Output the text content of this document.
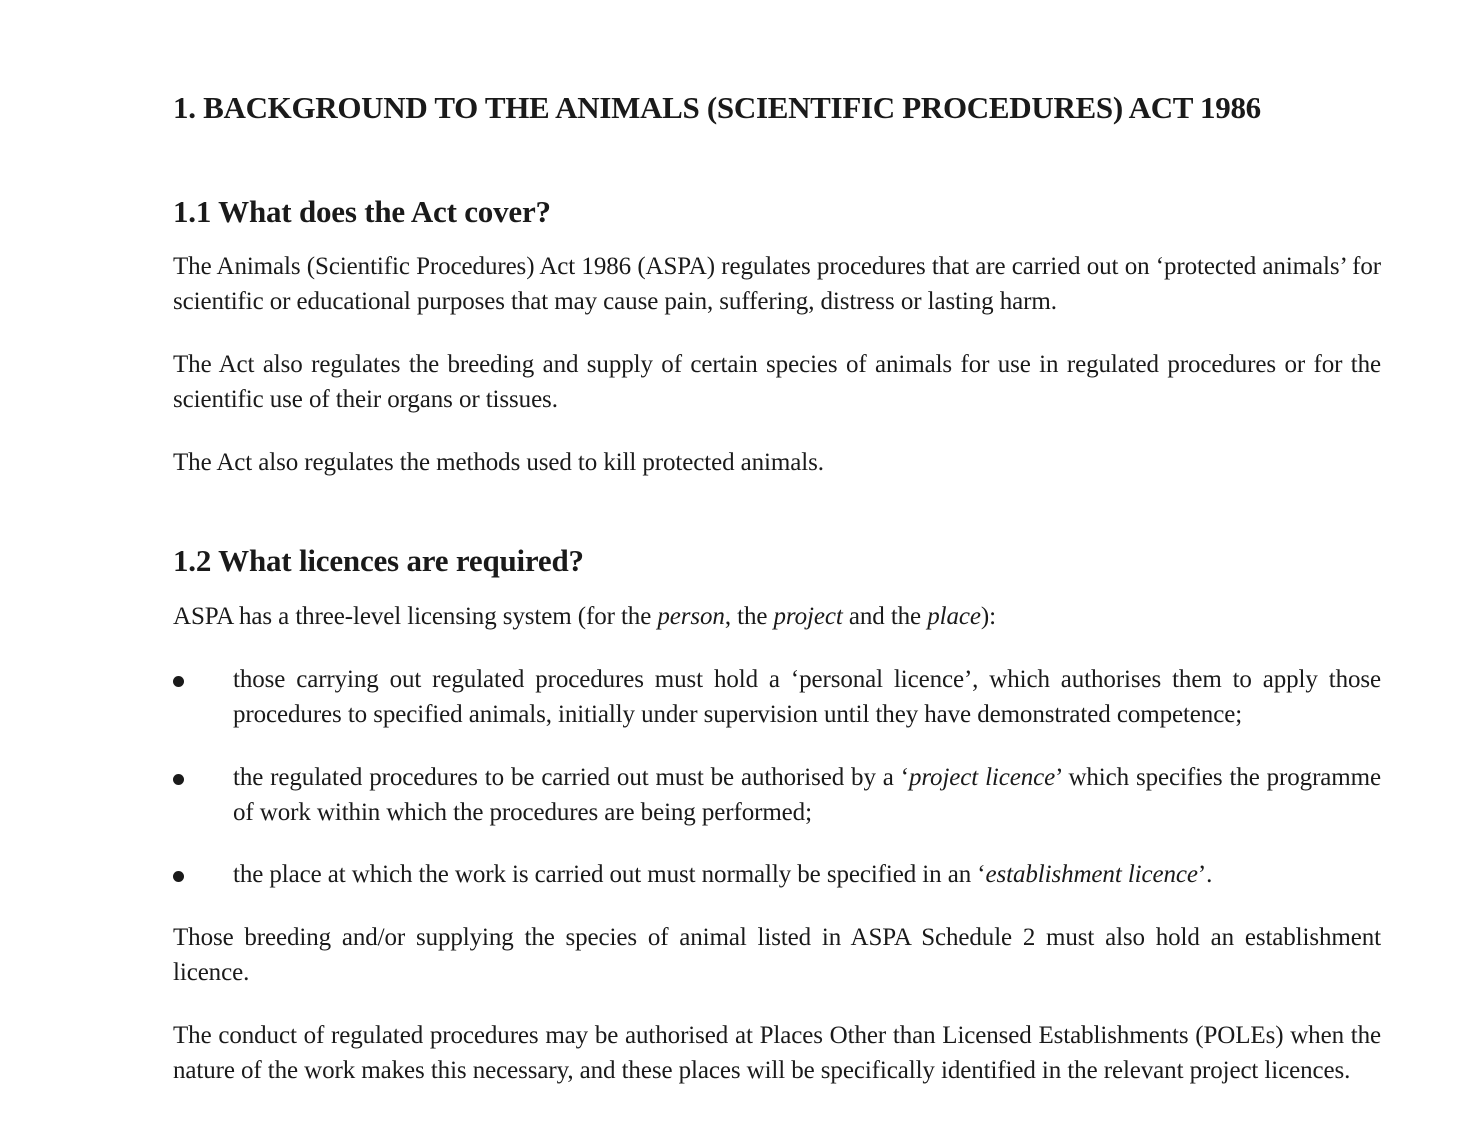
1. BACKGROUND TO THE ANIMALS (SCIENTIFIC PROCEDURES) ACT 1986
1.1 What does the Act cover?

The Animals (Scientific Procedures) Act 1986 (ASPA) regulates procedures that are carried out on ‘protected animals’ for scientific or educational purposes that may cause pain, suffering, distress or lasting harm.

The Act also regulates the breeding and supply of certain species of animals for use in regulated procedures or for the scientific use of their organs or tissues.

The Act also regulates the methods used to kill protected animals.

1.2 What licences are required?

ASPA has a three-level licensing system (for the person, the project and the place):

those carrying out regulated procedures must hold a ‘personal licence’, which authorises them to apply those procedures to specified animals, initially under supervision until they have demonstrated competence;
the regulated procedures to be carried out must be authorised by a ‘project licence’ which specifies the programme of work within which the procedures are being performed;
the place at which the work is carried out must normally be specified in an ‘establishment licence’.

Those breeding and/or supplying the species of animal listed in ASPA Schedule 2 must also hold an establishment licence.

The conduct of regulated procedures may be authorised at Places Other than Licensed Establishments (POLEs) when the nature of the work makes this necessary, and these places will be specifically identified in the relevant project licences.
